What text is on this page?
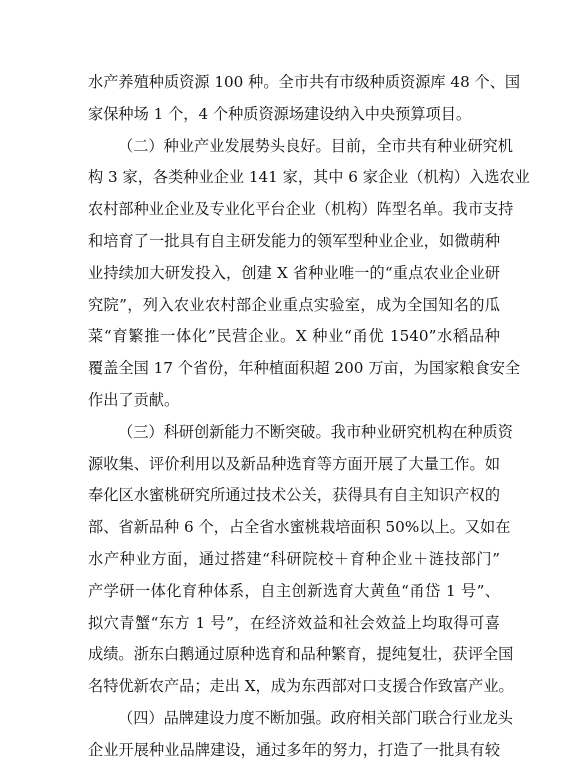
水产养殖种质资源 100 种。全市共有市级种质资源库 48 个、国
家保种场 1 个，4 个种质资源场建设纳入中央预算项目。
（二）种业产业发展势头良好。目前，全市共有种业研究机
构 3 家，各类种业企业 141 家，其中 6 家企业（机构）入选农业
农村部种业企业及专业化平台企业（机构）阵型名单。我市支持
和培育了一批具有自主研发能力的领军型种业企业，如微萌种
业持续加大研发投入，创建 X 省种业唯一的“重点农业企业研
究院”，列入农业农村部企业重点实验室，成为全国知名的瓜
菜“育繁推一体化”民营企业。X 种业“甬优 1540”水稻品种
覆盖全国 17 个省份，年种植面积超 200 万亩，为国家粮食安全
作出了贡献。
（三）科研创新能力不断突破。我市种业研究机构在种质资
源收集、评价利用以及新品种选育等方面开展了大量工作。如
奉化区水蜜桃研究所通过技术公关，获得具有自主知识产权的
部、省新品种 6 个，占全省水蜜桃栽培面积 50%以上。又如在
水产种业方面，通过搭建“科研院校＋育种企业＋涟技部门”
产学研一体化育种体系，自主创新选育大黄鱼“甬岱 1 号”、
拟穴青蟹“东方 1 号”，在经济效益和社会效益上均取得可喜
成绩。浙东白鹅通过原种选育和品种繁育，提纯复壮，获评全国
名特优新农产品；走出 X，成为东西部对口支援合作致富产业。
（四）品牌建设力度不断加强。政府相关部门联合行业龙头
企业开展种业品牌建设，通过多年的努力，打造了一批具有较
